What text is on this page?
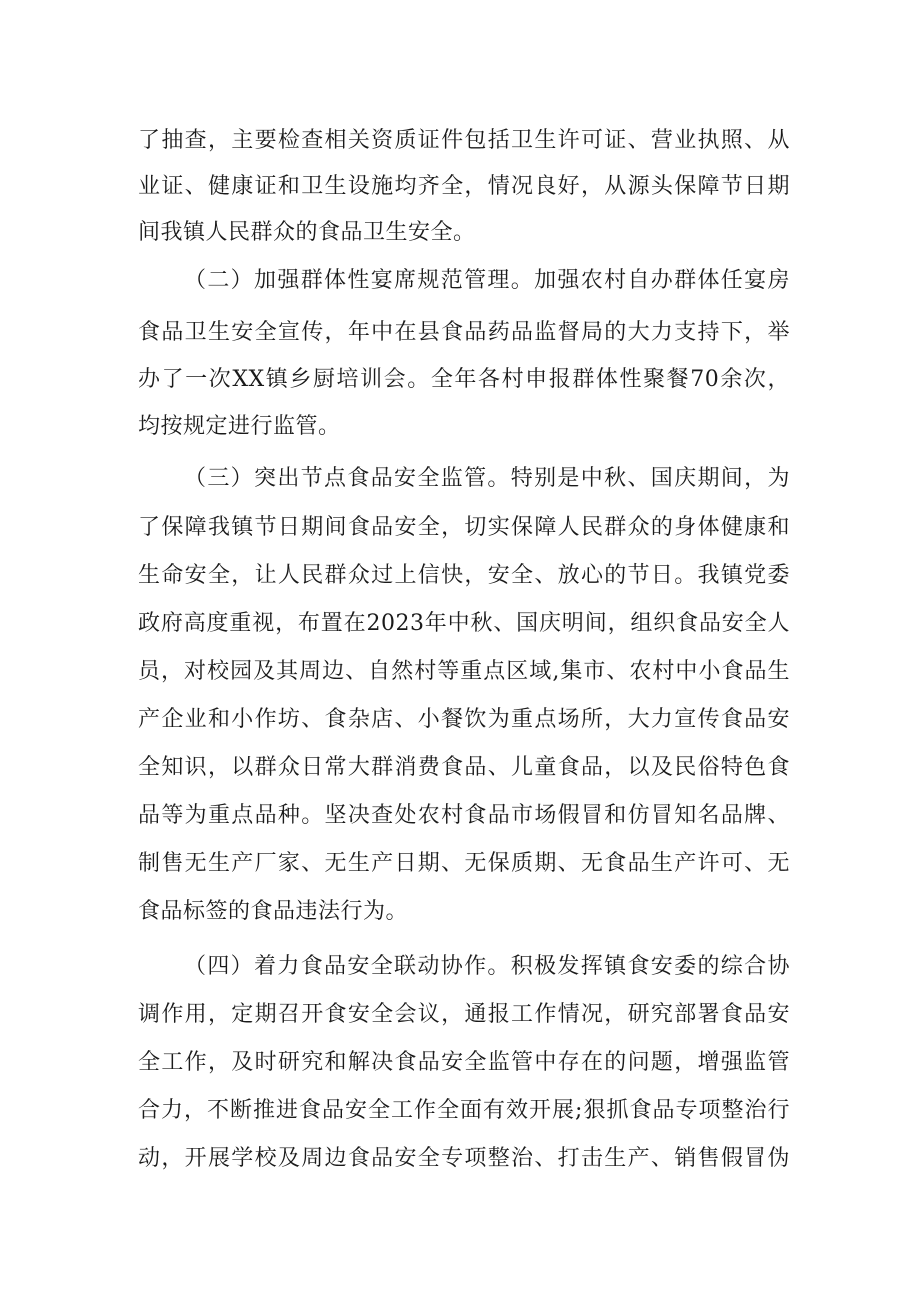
了抽查，主要检查相关资质证件包括卫生许可证、营业执照、从
业证、健康证和卫生设施均齐全，情况良好，从源头保障节日期
间我镇人民群众的食品卫生安全。
（二）加强群体性宴席规范管理。加强农村自办群体任宴房
食品卫生安全宣传，年中在县食品药品监督局的大力支持下，举
办了一次XX镇乡厨培训会。全年各村申报群体性聚餐70余次，
均按规定进行监管。
（三）突出节点食品安全监管。特别是中秋、国庆期间，为
了保障我镇节日期间食品安全，切实保障人民群众的身体健康和
生命安全，让人民群众过上信快，安全、放心的节日。我镇党委
政府高度重视，布置在2023年中秋、国庆明间，组织食品安全人
员，对校园及其周边、自然村等重点区域,集市、农村中小食品生
产企业和小作坊、食杂店、小餐饮为重点场所，大力宣传食品安
全知识，以群众日常大群消费食品、儿童食品，以及民俗特色食
品等为重点品种。坚决查处农村食品市场假冒和仿冒知名品牌、
制售无生产厂家、无生产日期、无保质期、无食品生产许可、无
食品标签的食品违法行为。
（四）着力食品安全联动协作。积极发挥镇食安委的综合协
调作用，定期召开食安全会议，通报工作情况，研究部署食品安
全工作，及时研究和解决食品安全监管中存在的问题，增强监管
合力，不断推进食品安全工作全面有效开展;狠抓食品专项整治行
动，开展学校及周边食品安全专项整治、打击生产、销售假冒伪
